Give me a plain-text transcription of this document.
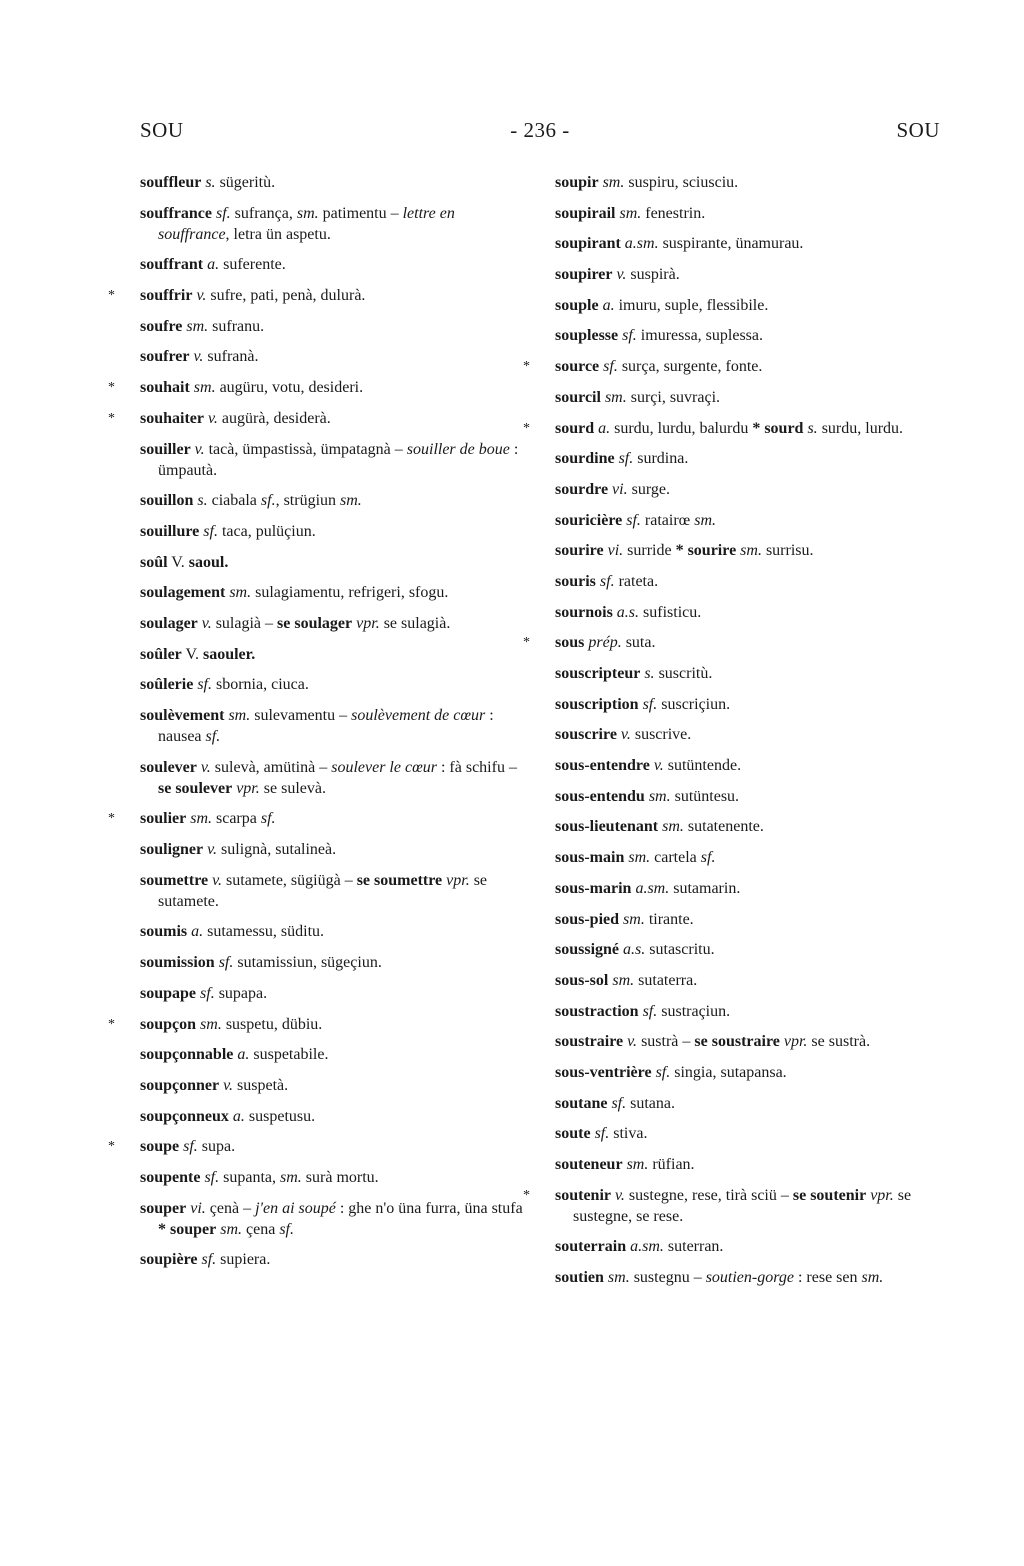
SOU	- 236 -	SOU
souffleur s. sügeritù.
souffrance sf. sufrança, sm. patimentu – lettre en souffrance, letra ün aspetu.
souffrant a. suferente.
* souffrir v. sufre, pati, penà, dulurà.
soufre sm. sufranu.
soufrer v. sufranà.
* souhait sm. augüru, votu, desideri.
* souhaiter v. augürà, desiderà.
souiller v. tacà, ümpastissà, ümpatagnà – souiller de boue : ümpautà.
souillon s. ciabala sf., strügiun sm.
souillure sf. taca, pulüçiun.
soûl V. saoul.
soulagement sm. sulagiamentu, refrigeri, sfogu.
soulager v. sulagià – se soulager vpr. se sulagià.
soûler V. saouler.
soûlerie sf. sbornia, ciuca.
soulèvement sm. sulevamentu – soulèvement de cœur : nausea sf.
soulever v. sulevà, amütinà – soulever le cœur : fà schifu – se soulever vpr. se sulevà.
* soulier sm. scarpa sf.
souligner v. sulignà, sutalineà.
soumettre v. sutamete, sügiügà – se soumettre vpr. se sutamete.
soumis a. sutamessu, süditu.
soumission sf. sutamissiun, sügeçiun.
soupape sf. supapa.
* soupçon sm. suspetu, dübiu.
soupçonnable a. suspetabile.
soupçonner v. suspetà.
soupçonneux a. suspetusu.
* soupe sf. supa.
soupente sf. supanta, sm. surà mortu.
souper vi. çenà – j'en ai soupé : ghe n'o üna furra, üna stufa * souper sm. çena sf.
soupière sf. supiera.
soupir sm. suspiru, sciusciu.
soupirail sm. fenestrin.
soupirant a.sm. suspirante, ünamurau.
soupirer v. suspirà.
souple a. imuru, suple, flessibile.
souplesse sf. imuressa, suplessa.
* source sf. surça, surgente, fonte.
sourcil sm. surçi, suvraçi.
* sourd a. surdu, lurdu, balurdu * sourd s. surdu, lurdu.
sourdine sf. surdina.
sourdre vi. surge.
souricière sf. ratairœ sm.
sourire vi. surride * sourire sm. surrisu.
souris sf. rateta.
sournois a.s. sufisticu.
* sous prép. suta.
souscripteur s. suscritù.
souscription sf. suscriçiun.
souscrire v. suscrive.
sous-entendre v. sutüntende.
sous-entendu sm. sutüntesu.
sous-lieutenant sm. sutatenente.
sous-main sm. cartela sf.
sous-marin a.sm. sutamarin.
sous-pied sm. tirante.
soussigné a.s. sutascritu.
sous-sol sm. sutaterra.
soustraction sf. sustraçiun.
soustraire v. sustrà – se soustraire vpr. se sustrà.
sous-ventrière sf. singia, sutapansa.
soutane sf. sutana.
soute sf. stiva.
souteneur sm. rüfian.
* soutenir v. sustegne, rese, tirà sciü – se soutenir vpr. se sustegne, se rese.
souterrain a.sm. suterran.
soutien sm. sustegnu – soutien-gorge : rese sen sm.
